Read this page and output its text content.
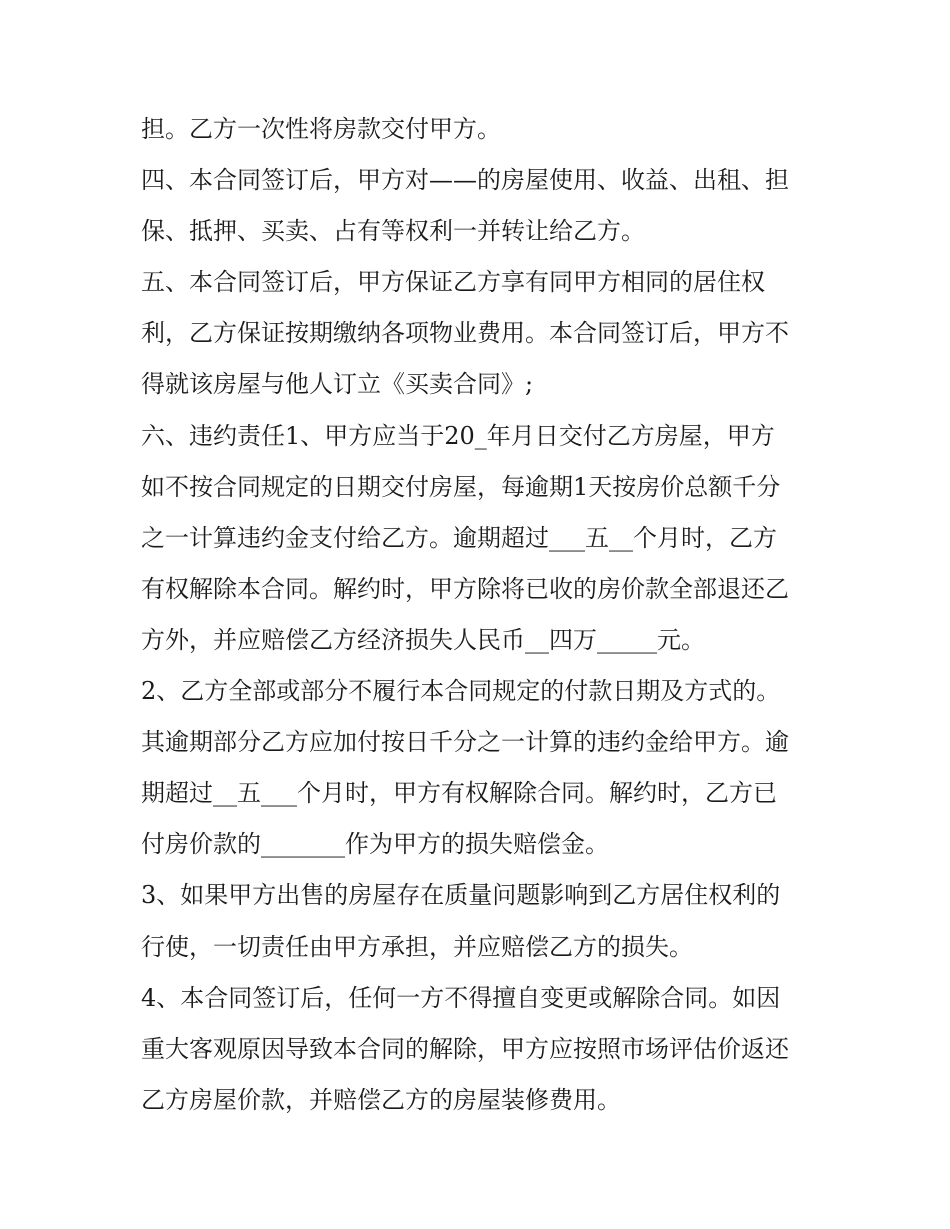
担。乙方一次性将房款交付甲方。
四、本合同签订后，甲方对——的房屋使用、收益、出租、担
保、抵押、买卖、占有等权利一并转让给乙方。
五、本合同签订后，甲方保证乙方享有同甲方相同的居住权
利，乙方保证按期缴纳各项物业费用。本合同签订后，甲方不
得就该房屋与他人订立《买卖合同》;
六、违约责任1、甲方应当于20_年月日交付乙方房屋，甲方
如不按合同规定的日期交付房屋，每逾期1天按房价总额千分
之一计算违约金支付给乙方。逾期超过___五__个月时，乙方
有权解除本合同。解约时，甲方除将已收的房价款全部退还乙
方外，并应赔偿乙方经济损失人民币__四万_____元。
2、乙方全部或部分不履行本合同规定的付款日期及方式的。
其逾期部分乙方应加付按日千分之一计算的违约金给甲方。逾
期超过__五___个月时，甲方有权解除合同。解约时，乙方已
付房价款的_______作为甲方的损失赔偿金。
3、如果甲方出售的房屋存在质量问题影响到乙方居住权利的
行使，一切责任由甲方承担，并应赔偿乙方的损失。
4、本合同签订后，任何一方不得擅自变更或解除合同。如因
重大客观原因导致本合同的解除，甲方应按照市场评估价返还
乙方房屋价款，并赔偿乙方的房屋装修费用。
